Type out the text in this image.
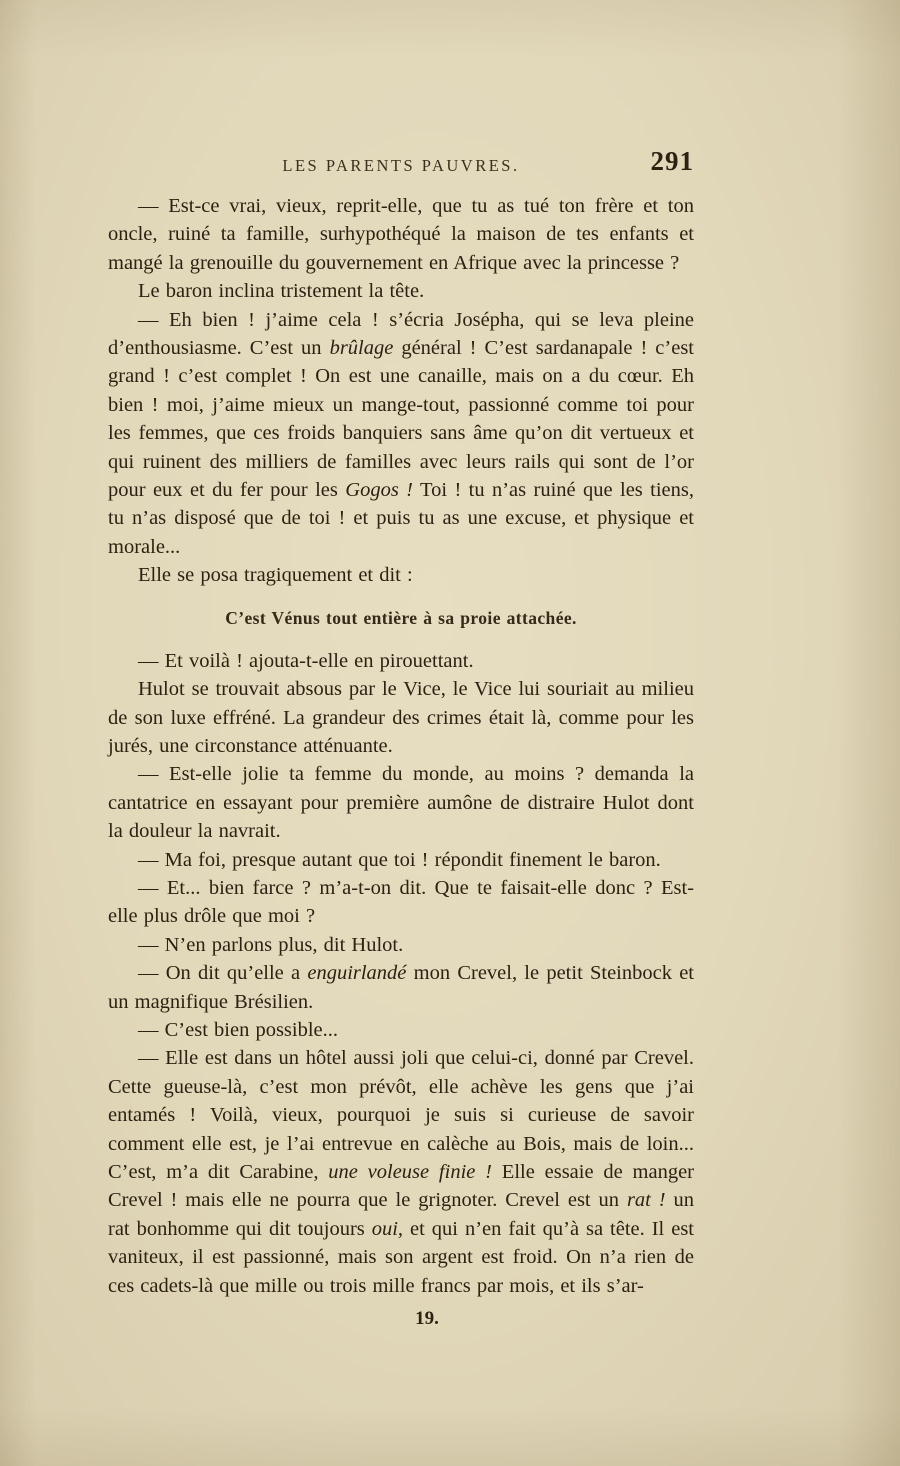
LES PARENTS PAUVRES.	291

— Est-ce vrai, vieux, reprit-elle, que tu as tué ton frère et ton oncle, ruiné ta famille, surhypothéqué la maison de tes enfants et mangé la grenouille du gouvernement en Afrique avec la princesse ?

Le baron inclina tristement la tête.

— Eh bien ! j’aime cela ! s’écria Josépha, qui se leva pleine d’enthousiasme. C’est un brûlage général ! C’est sardanapale ! c’est grand ! c’est complet ! On est une canaille, mais on a du cœur. Eh bien ! moi, j’aime mieux un mange-tout, passionné comme toi pour les femmes, que ces froids banquiers sans âme qu’on dit vertueux et qui ruinent des milliers de familles avec leurs rails qui sont de l’or pour eux et du fer pour les Gogos ! Toi ! tu n’as ruiné que les tiens, tu n’as disposé que de toi ! et puis tu as une excuse, et physique et morale...

Elle se posa tragiquement et dit :

C’est Vénus tout entière à sa proie attachée.

— Et voilà ! ajouta-t-elle en pirouettant.

Hulot se trouvait absous par le Vice, le Vice lui souriait au milieu de son luxe effréné. La grandeur des crimes était là, comme pour les jurés, une circonstance atténuante.

— Est-elle jolie ta femme du monde, au moins ? demanda la cantatrice en essayant pour première aumône de distraire Hulot dont la douleur la navrait.

— Ma foi, presque autant que toi ! répondit finement le baron.

— Et... bien farce ? m’a-t-on dit. Que te faisait-elle donc ? Est-elle plus drôle que moi ?

— N’en parlons plus, dit Hulot.

— On dit qu’elle a enguirlandé mon Crevel, le petit Steinbock et un magnifique Brésilien.

— C’est bien possible...

— Elle est dans un hôtel aussi joli que celui-ci, donné par Crevel. Cette gueuse-là, c’est mon prévôt, elle achève les gens que j’ai entamés ! Voilà, vieux, pourquoi je suis si curieuse de savoir comment elle est, je l’ai entrevue en calèche au Bois, mais de loin... C’est, m’a dit Carabine, une voleuse finie ! Elle essaie de manger Crevel ! mais elle ne pourra que le grignoter. Crevel est un rat ! un rat bonhomme qui dit toujours oui, et qui n’en fait qu’à sa tête. Il est vaniteux, il est passionné, mais son argent est froid. On n’a rien de ces cadets-là que mille ou trois mille francs par mois, et ils s’ar-

19.
